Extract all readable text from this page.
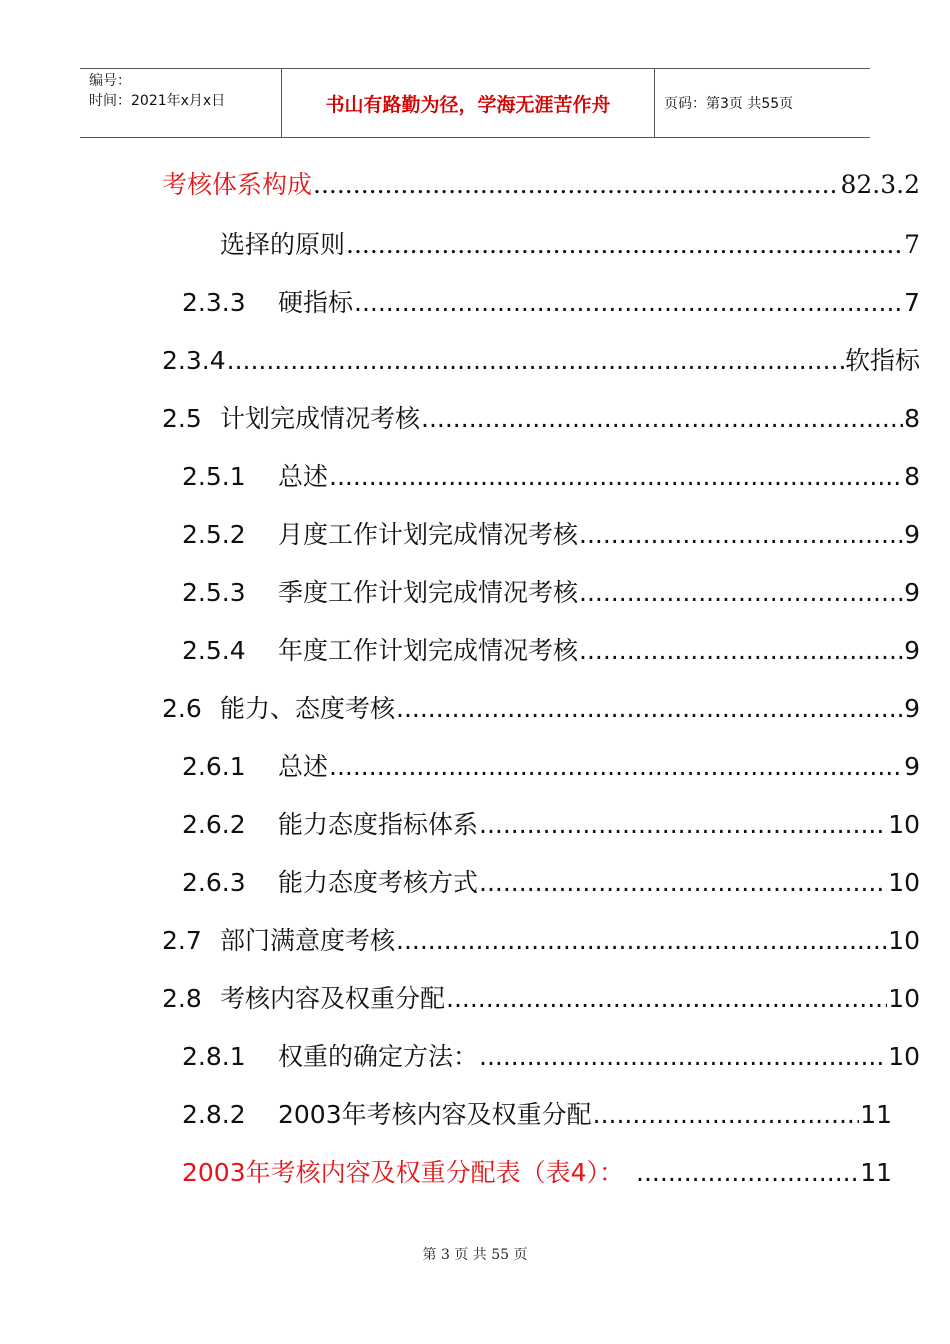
编号：
时间：2021年x月x日	书山有路勤为径，学海无涯苦作舟	页码：第3页 共55页
考核体系构成 .....	82.3.2
选择的原则 .....	7
2.3.3	硬指标 .....	7
2.3.4 .....	软指标
2.5 计划完成情况考核 .....	8
2.5.1	总述 .....	8
2.5.2	月度工作计划完成情况考核 .....	9
2.5.3	季度工作计划完成情况考核 .....	9
2.5.4	年度工作计划完成情况考核 .....	9
2.6 能力、态度考核 .....	9
2.6.1	总述 .....	9
2.6.2	能力态度指标体系 .....	10
2.6.3	能力态度考核方式 .....	10
2.7 部门满意度考核 .....	10
2.8 考核内容及权重分配 .....	10
2.8.1	权重的确定方法： .....	10
2.8.2	2003年考核内容及权重分配 .....	11
2003年考核内容及权重分配表（表4）： .....	11
第 3 页 共 55 页
